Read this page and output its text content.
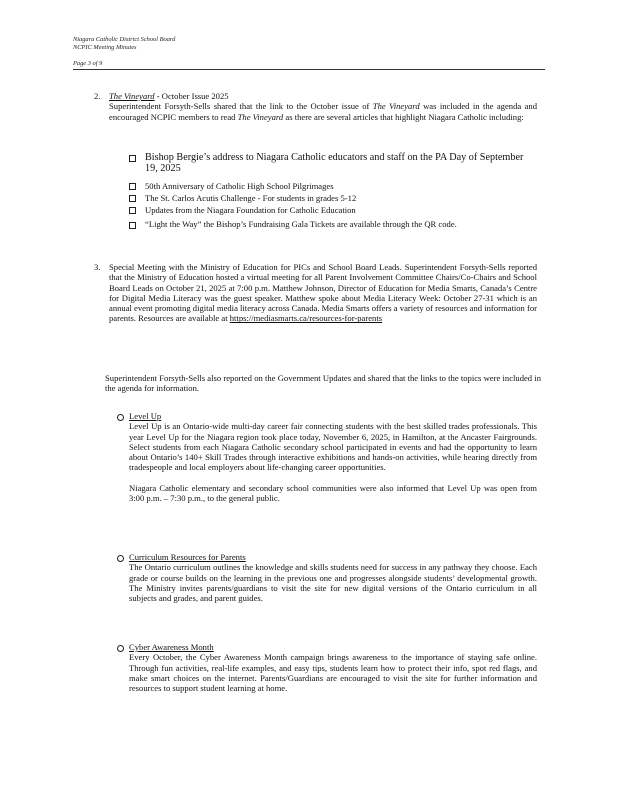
Niagara Catholic District School Board
NCPIC Meeting Minutes
Page 3 of 9
2. The Vineyard - October Issue 2025

Superintendent Forsyth-Sells shared that the link to the October issue of The Vineyard was included in the agenda and encouraged NCPIC members to read The Vineyard as there are several articles that highlight Niagara Catholic including:

Bishop Bergie’s address to Niagara Catholic educators and staff on the PA Day of September 19, 2025
50th Anniversary of Catholic High School Pilgrimages
The St. Carlos Acutis Challenge - For students in grades 5-12
Updates from the Niagara Foundation for Catholic Education
“Light the Way” the Bishop’s Fundraising Gala Tickets are available through the QR code.
3. Special Meeting with the Ministry of Education for PICs and School Board Leads. Superintendent Forsyth-Sells reported that the Ministry of Education hosted a virtual meeting for all Parent Involvement Committee Chairs/Co-Chairs and School Board Leads on October 21, 2025 at 7:00 p.m. Matthew Johnson, Director of Education for Media Smarts, Canada’s Centre for Digital Media Literacy was the guest speaker. Matthew spoke about Media Literacy Week: October 27-31 which is an annual event promoting digital media literacy across Canada. Media Smarts offers a variety of resources and information for parents. Resources are available at https://mediasmarts.ca/resources-for-parents
Superintendent Forsyth-Sells also reported on the Government Updates and shared that the links to the topics were included in the agenda for information.

Level Up

Level Up is an Ontario-wide multi-day career fair connecting students with the best skilled trades professionals. This year Level Up for the Niagara region took place today, November 6, 2025, in Hamilton, at the Ancaster Fairgrounds. Select students from each Niagara Catholic secondary school participated in events and had the opportunity to learn about Ontario’s 140+ Skill Trades through interactive exhibitions and hands-on activities, while hearing directly from tradespeople and local employers about life-changing career opportunities.

Niagara Catholic elementary and secondary school communities were also informed that Level Up was open from 3:00 p.m. – 7:30 p.m., to the general public.

Curriculum Resources for Parents

The Ontario curriculum outlines the knowledge and skills students need for success in any pathway they choose. Each grade or course builds on the learning in the previous one and progresses alongside students’ developmental growth. The Ministry invites parents/guardians to visit the site for new digital versions of the Ontario curriculum in all subjects and grades, and parent guides.

Cyber Awareness Month

Every October, the Cyber Awareness Month campaign brings awareness to the importance of staying safe online. Through fun activities, real-life examples, and easy tips, students learn how to protect their info, spot red flags, and make smart choices on the internet. Parents/Guardians are encouraged to visit the site for further information and resources to support student learning at home.
